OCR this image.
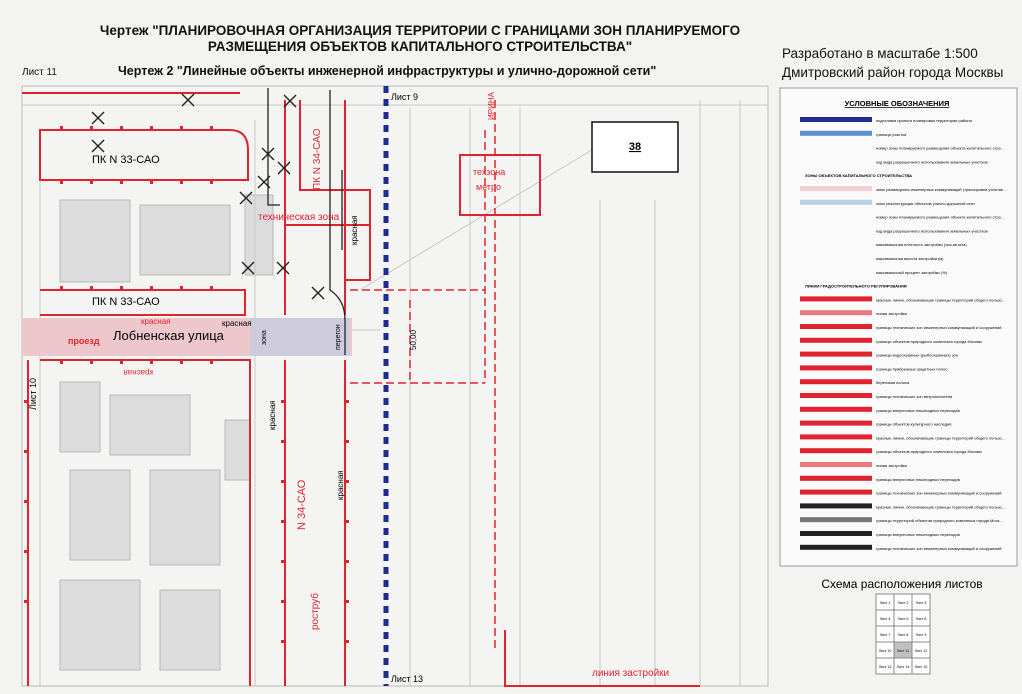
Чертеж "ПЛАНИРОВОЧНАЯ ОРГАНИЗАЦИЯ ТЕРРИТОРИИ С ГРАНИЦАМИ ЗОН ПЛАНИРУЕМОГО
РАЗМЕЩЕНИЯ ОБЪЕКТОВ КАПИТАЛЬНОГО СТРОИТЕЛЬСТВА"
Чертеж 2 "Линейные объекты инженерной инфраструктуры и улично-дорожной сети"
Лист 11
Разработано в масштабе 1:500
Дмитровский район города Москвы
38
Лист 9
Лист 13
Лист 10
ПК N 33-САО
ПК N 33-САО
ПК N 34-САО
N 34-САО
техническая зона
техзона
метро
Лобненская улица
проезд
красная	красная
красная
красная
красная
красная
перегон
зона	50,00
роструб
линия застройки
ИРИНА	УСЛОВНЫЕ ОБОЗНАЧЕНИЯ
подготовки проекта планировки территории района
граница участка
номер зоны планируемого размещения объекта капитального стро…
код вида разрешенного использования земельных участков
ЗОНЫ ОБЪЕКТОВ КАПИТАЛЬНОГО СТРОИТЕЛЬСТВА
зоны размещения инженерных коммуникаций (трассировка уточняе…
зоны реконструкции объектов улично-дорожной сети
номер зоны планируемого размещения объекта капитального стро…
код вида разрешенного использования земельных участков
максимальная плотность застройки (тыс.кв.м/га)
максимальная высота застройки (м)
максимальный процент застройки (%)
ЛИНИИ ГРАДОСТРОИТЕЛЬНОГО РЕГУЛИРОВАНИЯ
красные линии, обозначающие границы территорий общего пользо…
линии застройки
границы технических зон инженерных коммуникаций и сооружений
границы объектов природного комплекса города Москвы
границы водоохранных (рыбоохранных) зон
границы прибрежных защитных полос
береговая полоса
границы технических зон метрополитена
границы внеуличных пешеходных переходов
границы объектов культурного наследия
красные линии, обозначающие границы территорий общего пользо…
границы объектов природного комплекса города Москвы
линии застройки
границы внеуличных пешеходных переходов
границы технических зон инженерных коммуникаций и сооружений
красные линии, обозначающие границы территорий общего пользо…
границы территорий объектов природного комплекса города Моск…
границы внеуличных пешеходных переходов
границы технических зон инженерных коммуникаций и сооружений
Схема расположения листов
Лист 1 Лист 2 Лист 3
Лист 4 Лист 5 Лист 6
Лист 7 Лист 8 Лист 9
Лист 10 Лист 11 Лист 12
Лист 13 Лист 14 Лист 15
